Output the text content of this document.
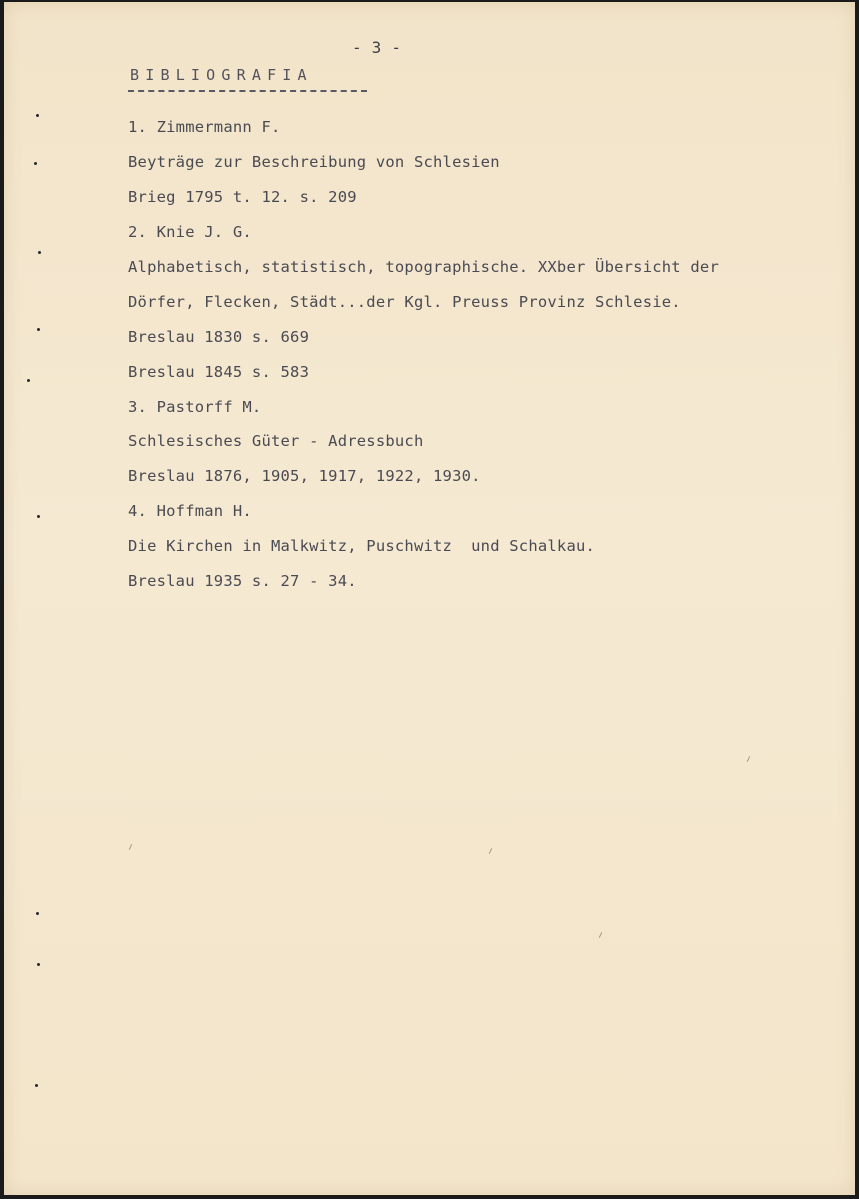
- 3 -
BIBLIOGRAFIA
1. Zimmermann F.
Beyträge zur Beschreibung von Schlesien
Brieg 1795 t. 12. s. 209
2. Knie J. G.
Alphabetisch, statistisch, topographische. XXber Übersicht der
Dörfer, Flecken, Städt...der Kgl. Preuss Provinz Schlesie.
Breslau 1830 s. 669
Breslau 1845 s. 583
3. Pastorff M.
Schlesisches Güter - Adressbuch
Breslau 1876, 1905, 1917, 1922, 1930.
4. Hoffman H.
Die Kirchen in Malkwitz, Puschwitz  und Schalkau.
Breslau 1935 s. 27 - 34.
